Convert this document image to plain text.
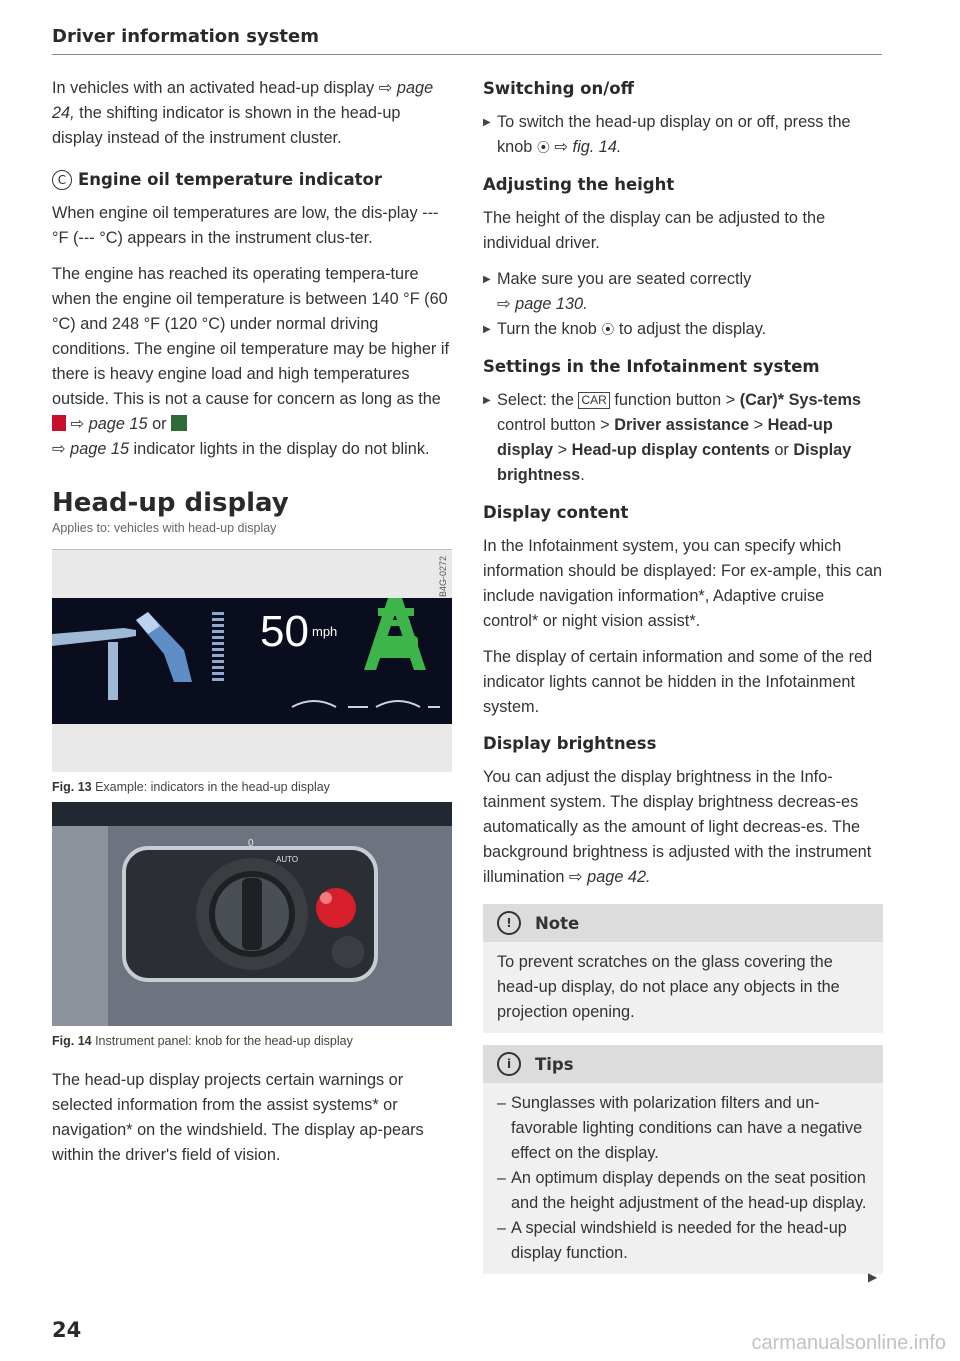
Driver information system

In vehicles with an activated head-up display ⇨ page 24, the shifting indicator is shown in the head-up display instead of the instrument cluster.

C Engine oil temperature indicator

When engine oil temperatures are low, the dis-play --- °F (--- °C) appears in the instrument clus-ter.

The engine has reached its operating tempera-ture when the engine oil temperature is between 140 °F (60 °C) and 248 °F (120 °C) under normal driving conditions. The engine oil temperature may be higher if there is heavy engine load and high temperatures outside. This is not a cause for concern as long as the  ⇨ page 15 or
⇨ page 15 indicator lights in the display do not blink.

Head-up display
Applies to: vehicles with head-up display
B4G-0272
50 mph
Fig. 13 Example: indicators in the head-up display
0
AUTO
Fig. 14 Instrument panel: knob for the head-up display

The head-up display projects certain warnings or selected information from the assist systems* or navigation* on the windshield. The display ap-pears within the driver's field of vision.

24
Switching on/off
▶ To switch the head-up display on or off, press the knob ⦿ ⇨ fig. 14.

Adjusting the height

The height of the display can be adjusted to the individual driver.

▶ Make sure you are seated correctly
⇨ page 130.

▶ Turn the knob ⦿ to adjust the display.

Settings in the Infotainment system
▶ Select: the CAR function button > (Car)* Sys-tems control button > Driver assistance > Head-up display > Head-up display contents or Display brightness.

Display content

In the Infotainment system, you can specify which information should be displayed: For ex-ample, this can include navigation information*, Adaptive cruise control* or night vision assist*.

The display of certain information and some of the red indicator lights cannot be hidden in the Infotainment system.

Display brightness

You can adjust the display brightness in the Info-tainment system. The display brightness decreas-es automatically as the amount of light decreas-es. The background brightness is adjusted with the instrument illumination ⇨ page 42.

!	Note

To prevent scratches on the glass covering the head-up display, do not place any objects in the projection opening.

i	Tips
– Sunglasses with polarization filters and un-favorable lighting conditions can have a negative effect on the display.

– An optimum display depends on the seat position and the height adjustment of the head-up display.

– A special windshield is needed for the head-up display function.

▶
carmanualsonline.info
